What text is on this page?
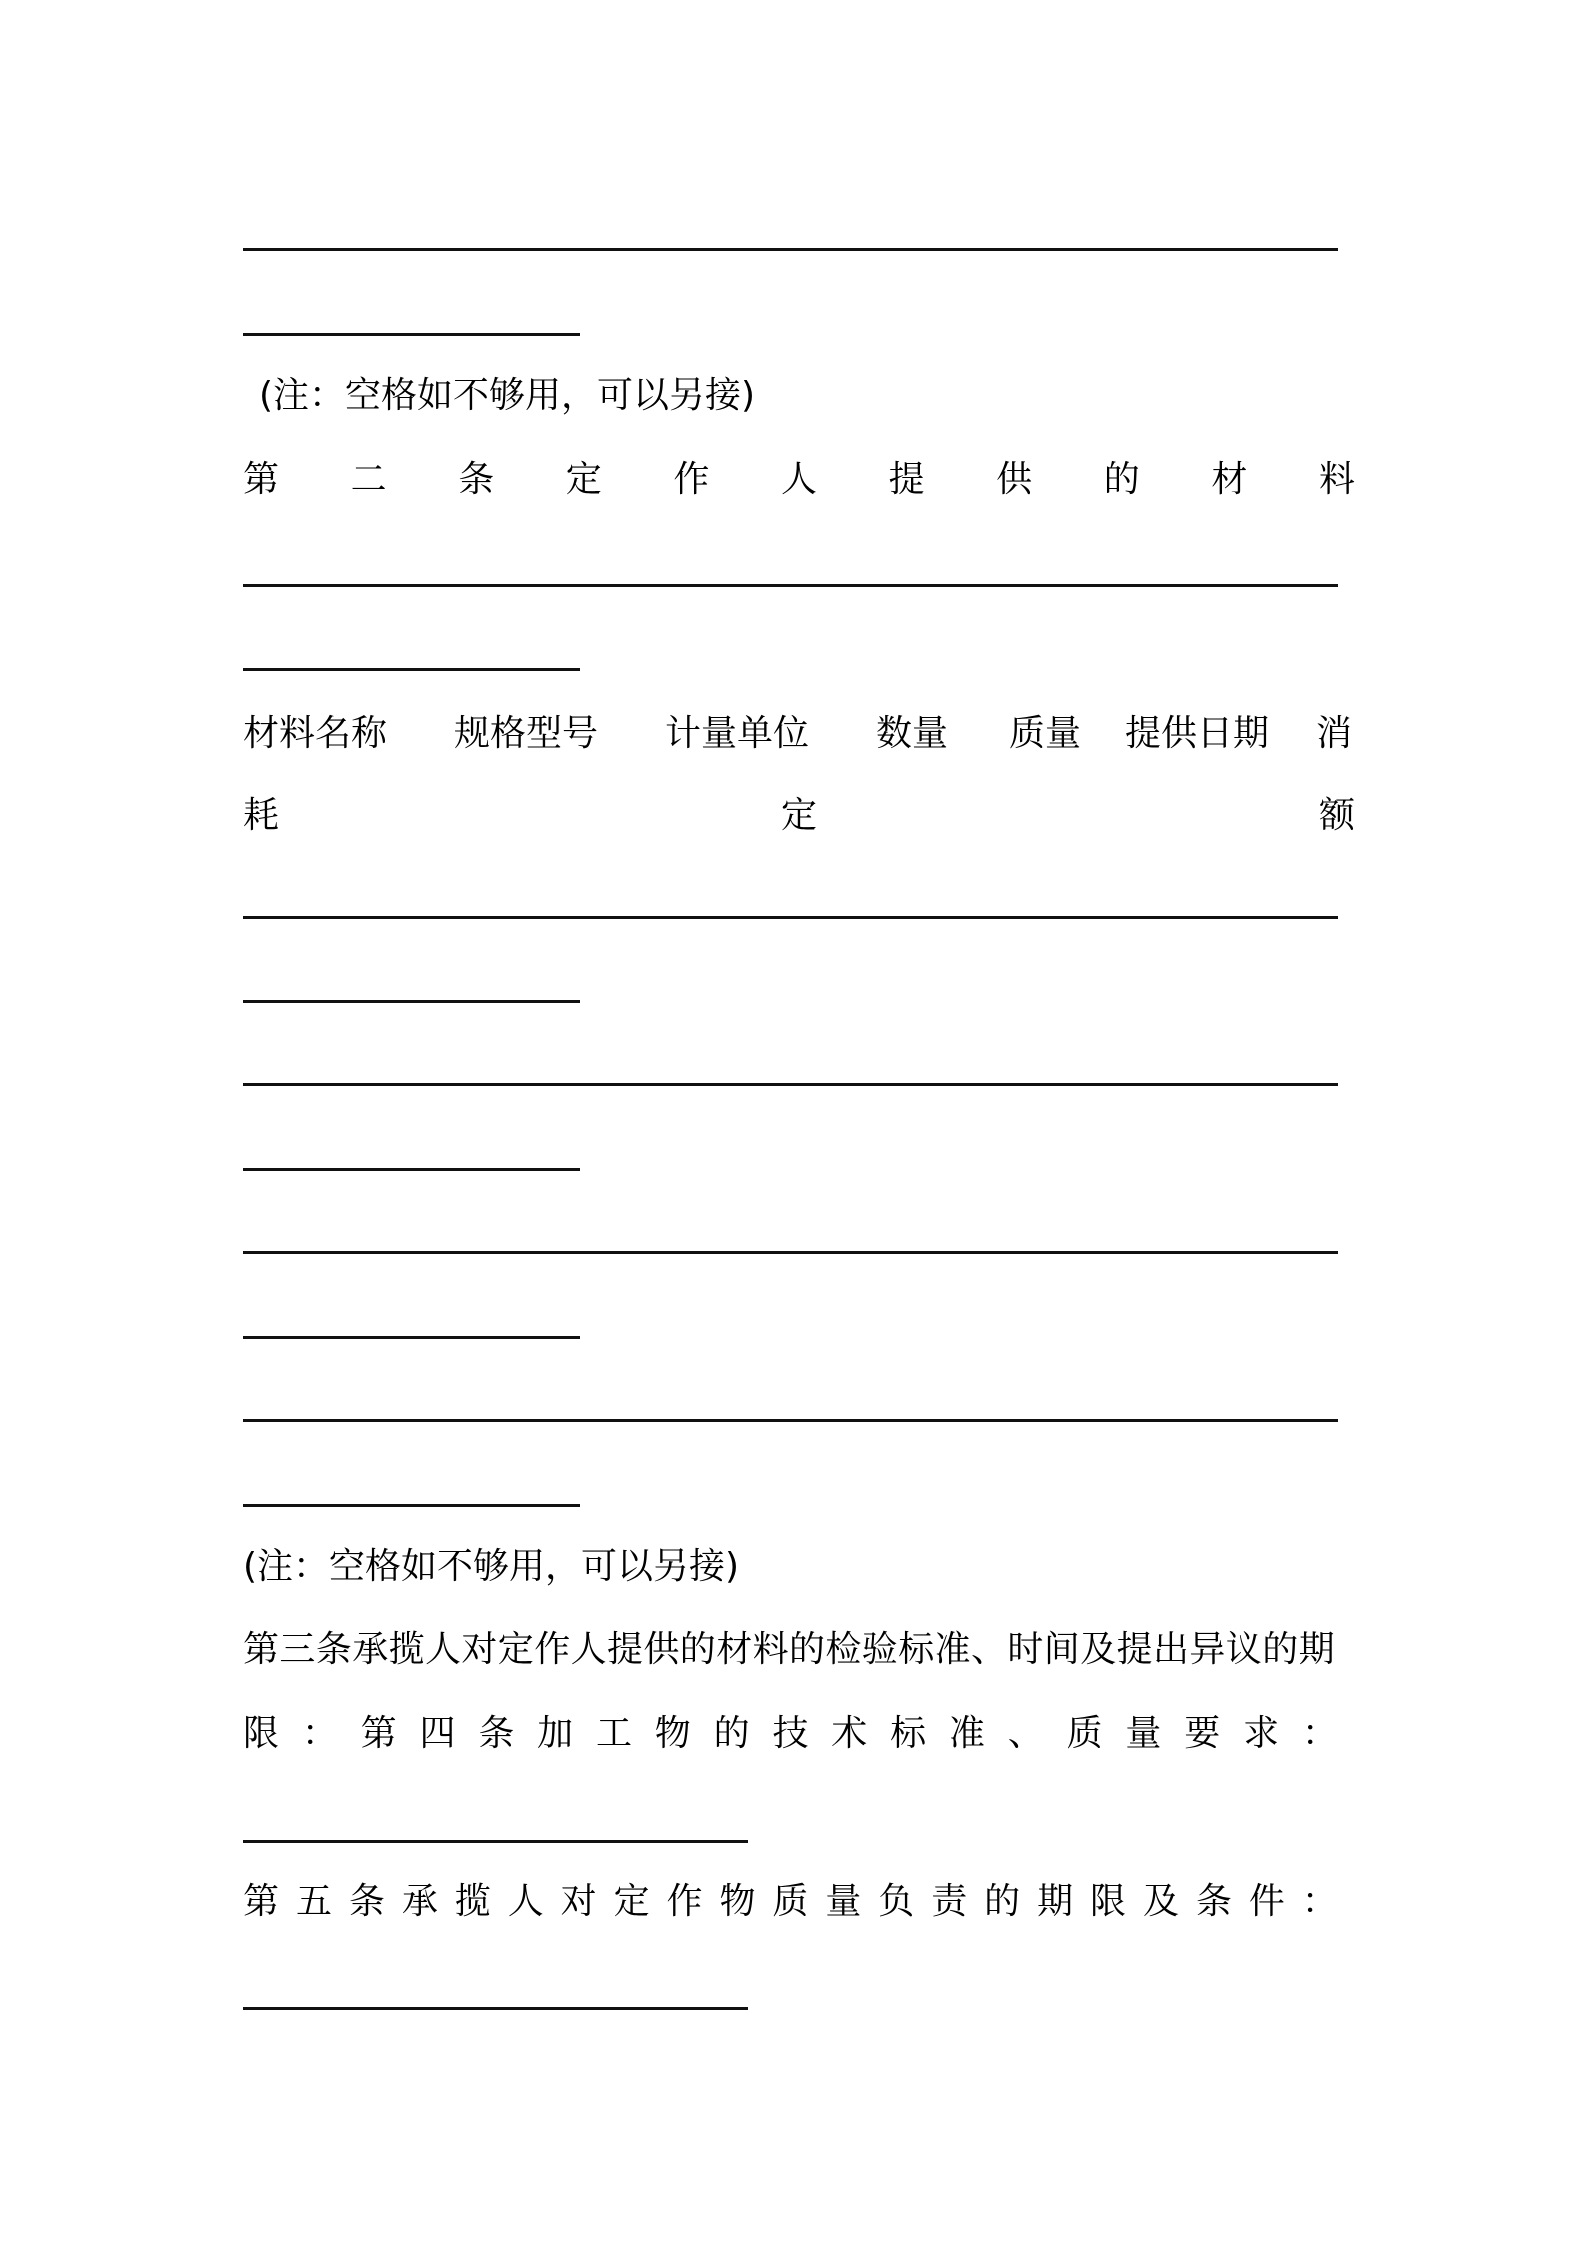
(注：空格如不够用，可以另接)
第 二 条 定 作 人 提 供 的 材 料
材料名称 规格型号 计量单位 数量 质量 提供日期 消
耗	定	额
(注：空格如不够用，可以另接)
第三条承揽人对定作人提供的材料的检验标准、时间及提出异议的期
限 ： 第 四 条 加 工 物 的 技 术 标 准 、 质 量 要 求 ：
第 五 条 承 揽 人 对 定 作 物 质 量 负 责 的 期 限 及 条 件 ：
